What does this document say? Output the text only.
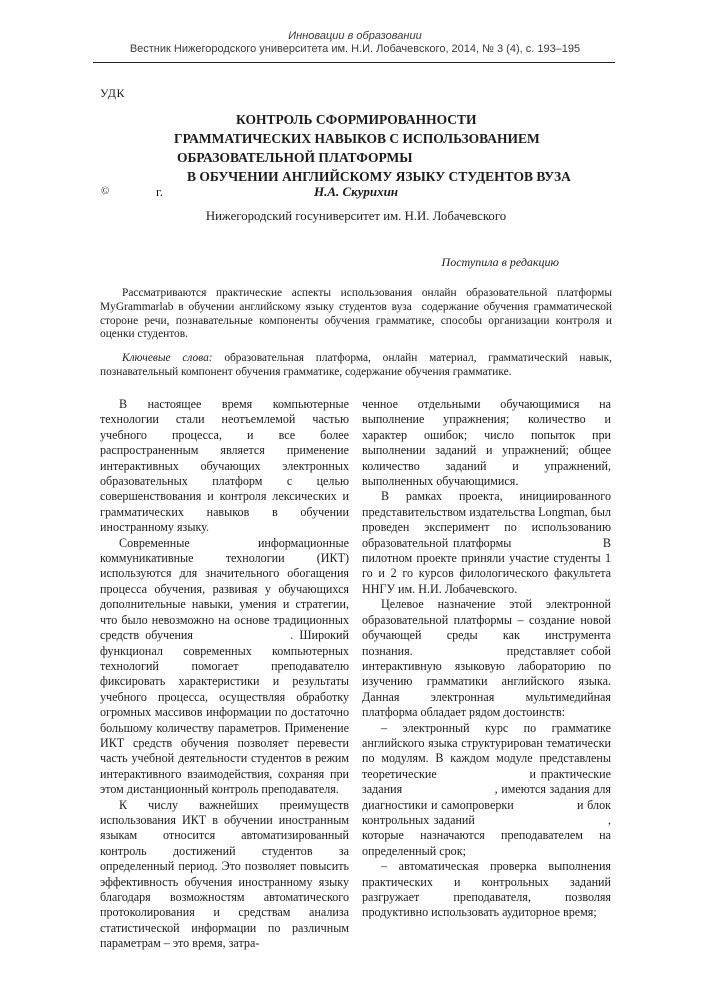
Инновации в образовании
Вестник Нижегородского университета им. Н.И. Лобачевского, 2014, № 3 (4), с. 193–195
УДК
КОНТРОЛЬ СФОРМИРОВАННОСТИ
ГРАММАТИЧЕСКИХ НАВЫКОВ С ИСПОЛЬЗОВАНИЕМ
ОБРАЗОВАТЕЛЬНОЙ ПЛАТФОРМЫ
В ОБУЧЕНИИ АНГЛИЙСКОМУ ЯЗЫКУ СТУДЕНТОВ ВУЗА
©	г.	Н.А. Скурихин
Нижегородский госуниверситет им. Н.И. Лобачевского
Поступила в редакцию
Рассматриваются практические аспекты использования онлайн образовательной платформы MyGrammarlab в обучении английскому языку студентов вуза  содержание обучения грамматической стороне речи, познавательные компоненты обучения грамматике, способы организации контроля и оценки студентов.
Ключевые слова: образовательная платформа, онлайн материал, грамматический навык, познавательный компонент обучения грамматике, содержание обучения грамматике.

В настоящее время компьютерные технологии стали неотъемлемой частью учебного процесса, и все более распространенным является применение интерактивных обучающих электронных образовательных платформ с целью совершенствования и контроля лексических и грамматических навыков в обучении иностранному языку.

Современные информационные коммуникативные технологии (ИКТ) используются для значительного обогащения процесса обучения, развивая у обучающихся дополнительные навыки, умения и стратегии, что было невозможно на основе традиционных средств обучения                . Широкий функционал современных компьютерных технологий помогает преподавателю фиксировать характеристики и результаты учебного процесса, осуществляя обработку огромных массивов информации по достаточно большому количеству параметров. Применение ИКТ средств обучения позволяет перевести часть учебной деятельности студентов в режим интерактивного взаимодействия, сохраняя при этом дистанционный контроль преподавателя.

К числу важнейших преимуществ использования ИКТ в обучении иностранным языкам относится автоматизированный контроль достижений студентов за определенный период. Это позволяет повысить эффективность обучения иностранному языку благодаря возможностям автоматического протоколирования и средствам анализа статистической информации по различным параметрам – это время, затра-

ченное отдельными обучающимися на выполнение упражнения; количество и характер ошибок; число попыток при выполнении заданий и упражнений; общее количество заданий и упражнений, выполненных обучающимися.

В рамках проекта, инициированного представительством издательства Longman, был проведен эксперимент по использованию образовательной платформы                   В пилотном проекте приняли участие студенты 1 го и 2 го курсов филологического факультета ННГУ им. Н.И. Лобачевского.

Целевое назначение этой электронной образовательной платформы – создание новой обучающей среды как инструмента познания.               представляет собой интерактивную языковую лабораторию по изучению грамматики английского языка. Данная электронная мультимедийная платформа обладает рядом достоинств:

– электронный курс по грамматике английского языка структурирован тематически по модулям. В каждом модуле представлены теоретические                   и практические задания                          , имеются задания для диагностики и самопроверки                 и блок контрольных заданий                              , которые назначаются преподавателем на определенный срок;

– автоматическая проверка выполнения практических и контрольных заданий разгружает преподавателя, позволяя продуктивно использовать аудиторное время;
